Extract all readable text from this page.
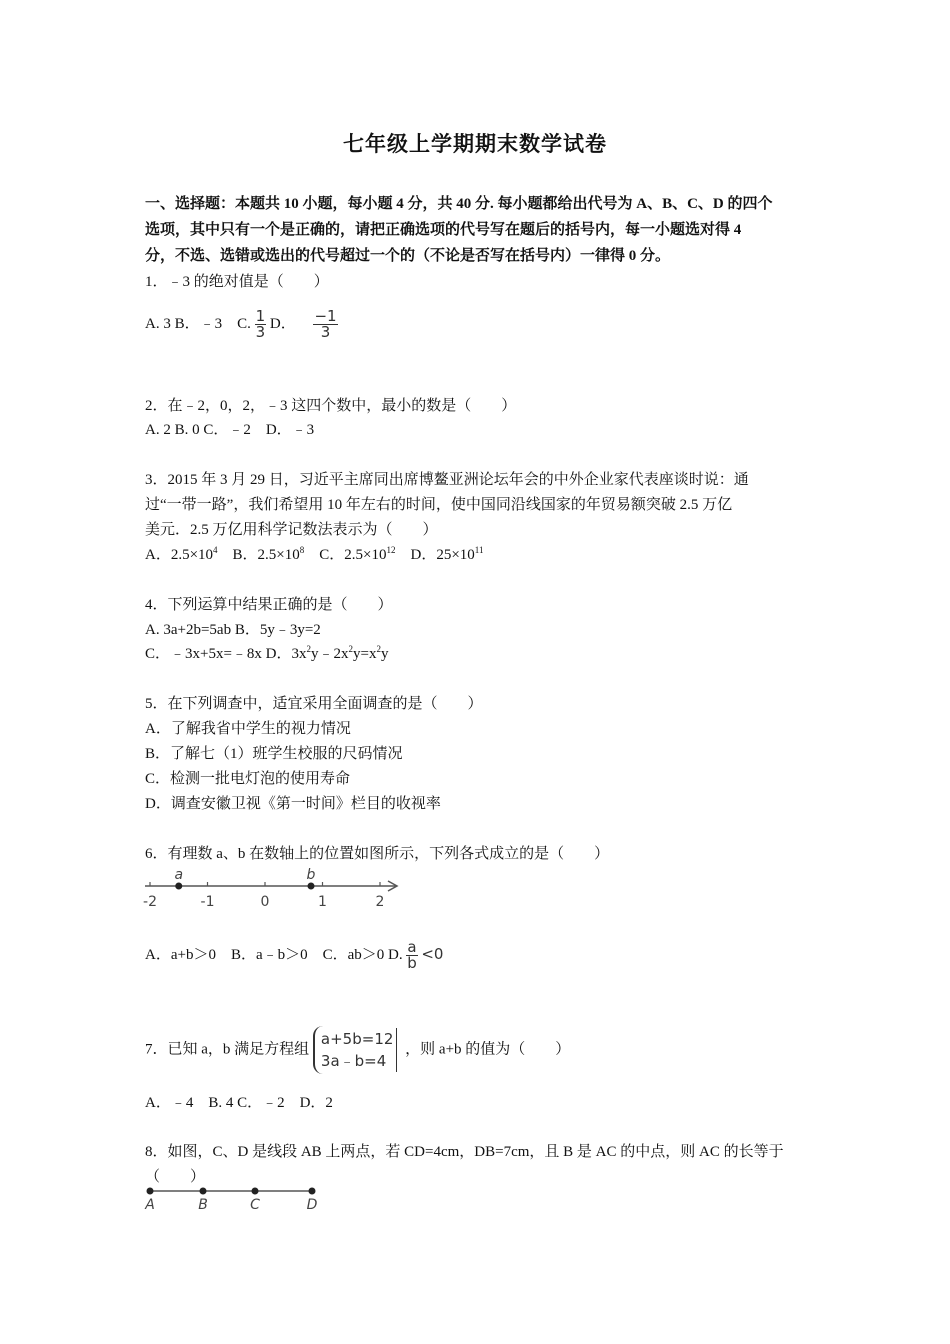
七年级上学期期末数学试卷
一、选择题：本题共 10 小题，每小题 4 分，共 40 分. 每小题都给出代号为 A、B、C、D 的四个
选项，其中只有一个是正确的，请把正确选项的代号写在题后的括号内，每一小题选对得 4
分，不选、选错或选出的代号超过一个的（不论是否写在括号内）一律得 0 分。
1．﹣3 的绝对值是（　　）
A. 3 B．﹣3　C. $\frac{1}{3}$ D． $\frac{-1}{3}$
2．在﹣2，0，2，﹣3 这四个数中，最小的数是（　　）
A. 2 B. 0 C．﹣2　D．﹣3
3．2015 年 3 月 29 日，习近平主席同出席博鳌亚洲论坛年会的中外企业家代表座谈时说：通
过“一带一路”，我们希望用 10 年左右的时间，使中国同沿线国家的年贸易额突破 2.5 万亿
美元．2.5 万亿用科学记数法表示为（　　）
A．$2.5\times 10^4$ B．$2.5\times 10^8$ C．$2.5\times 10^{12}$ D．$25\times 10^{11}$
4．下列运算中结果正确的是（　　）
A. 3a+2b=5ab B．5y﹣3y=2
C．﹣3x+5x=﹣8x D．$3x^2y﹣2x^2y=x^2y$
5．在下列调查中，适宜采用全面调查的是（　　）
A．了解我省中学生的视力情况
B．了解七（1）班学生校服的尺码情况
C．检测一批电灯泡的使用寿命
D．调查安徽卫视《第一时间》栏目的收视率
6．有理数 a、b 在数轴上的位置如图所示，下列各式成立的是（　　）
-2	-1	0	1	2
a	b
A．a+b＞0　B．a﹣b＞0　C．ab＞0 D. $\frac{a}{b} <0$
7．已知 a，b 满足方程组
a+5b=12
3a﹣b=4
，则 a+b 的值为（　　）
A．﹣4　B. 4 C．﹣2　D．2
8．如图，C、D 是线段 AB 上两点，若 CD=4cm，DB=7cm，且 B 是 AC 的中点，则 AC 的长等于
（　　）
A	B	C	D
